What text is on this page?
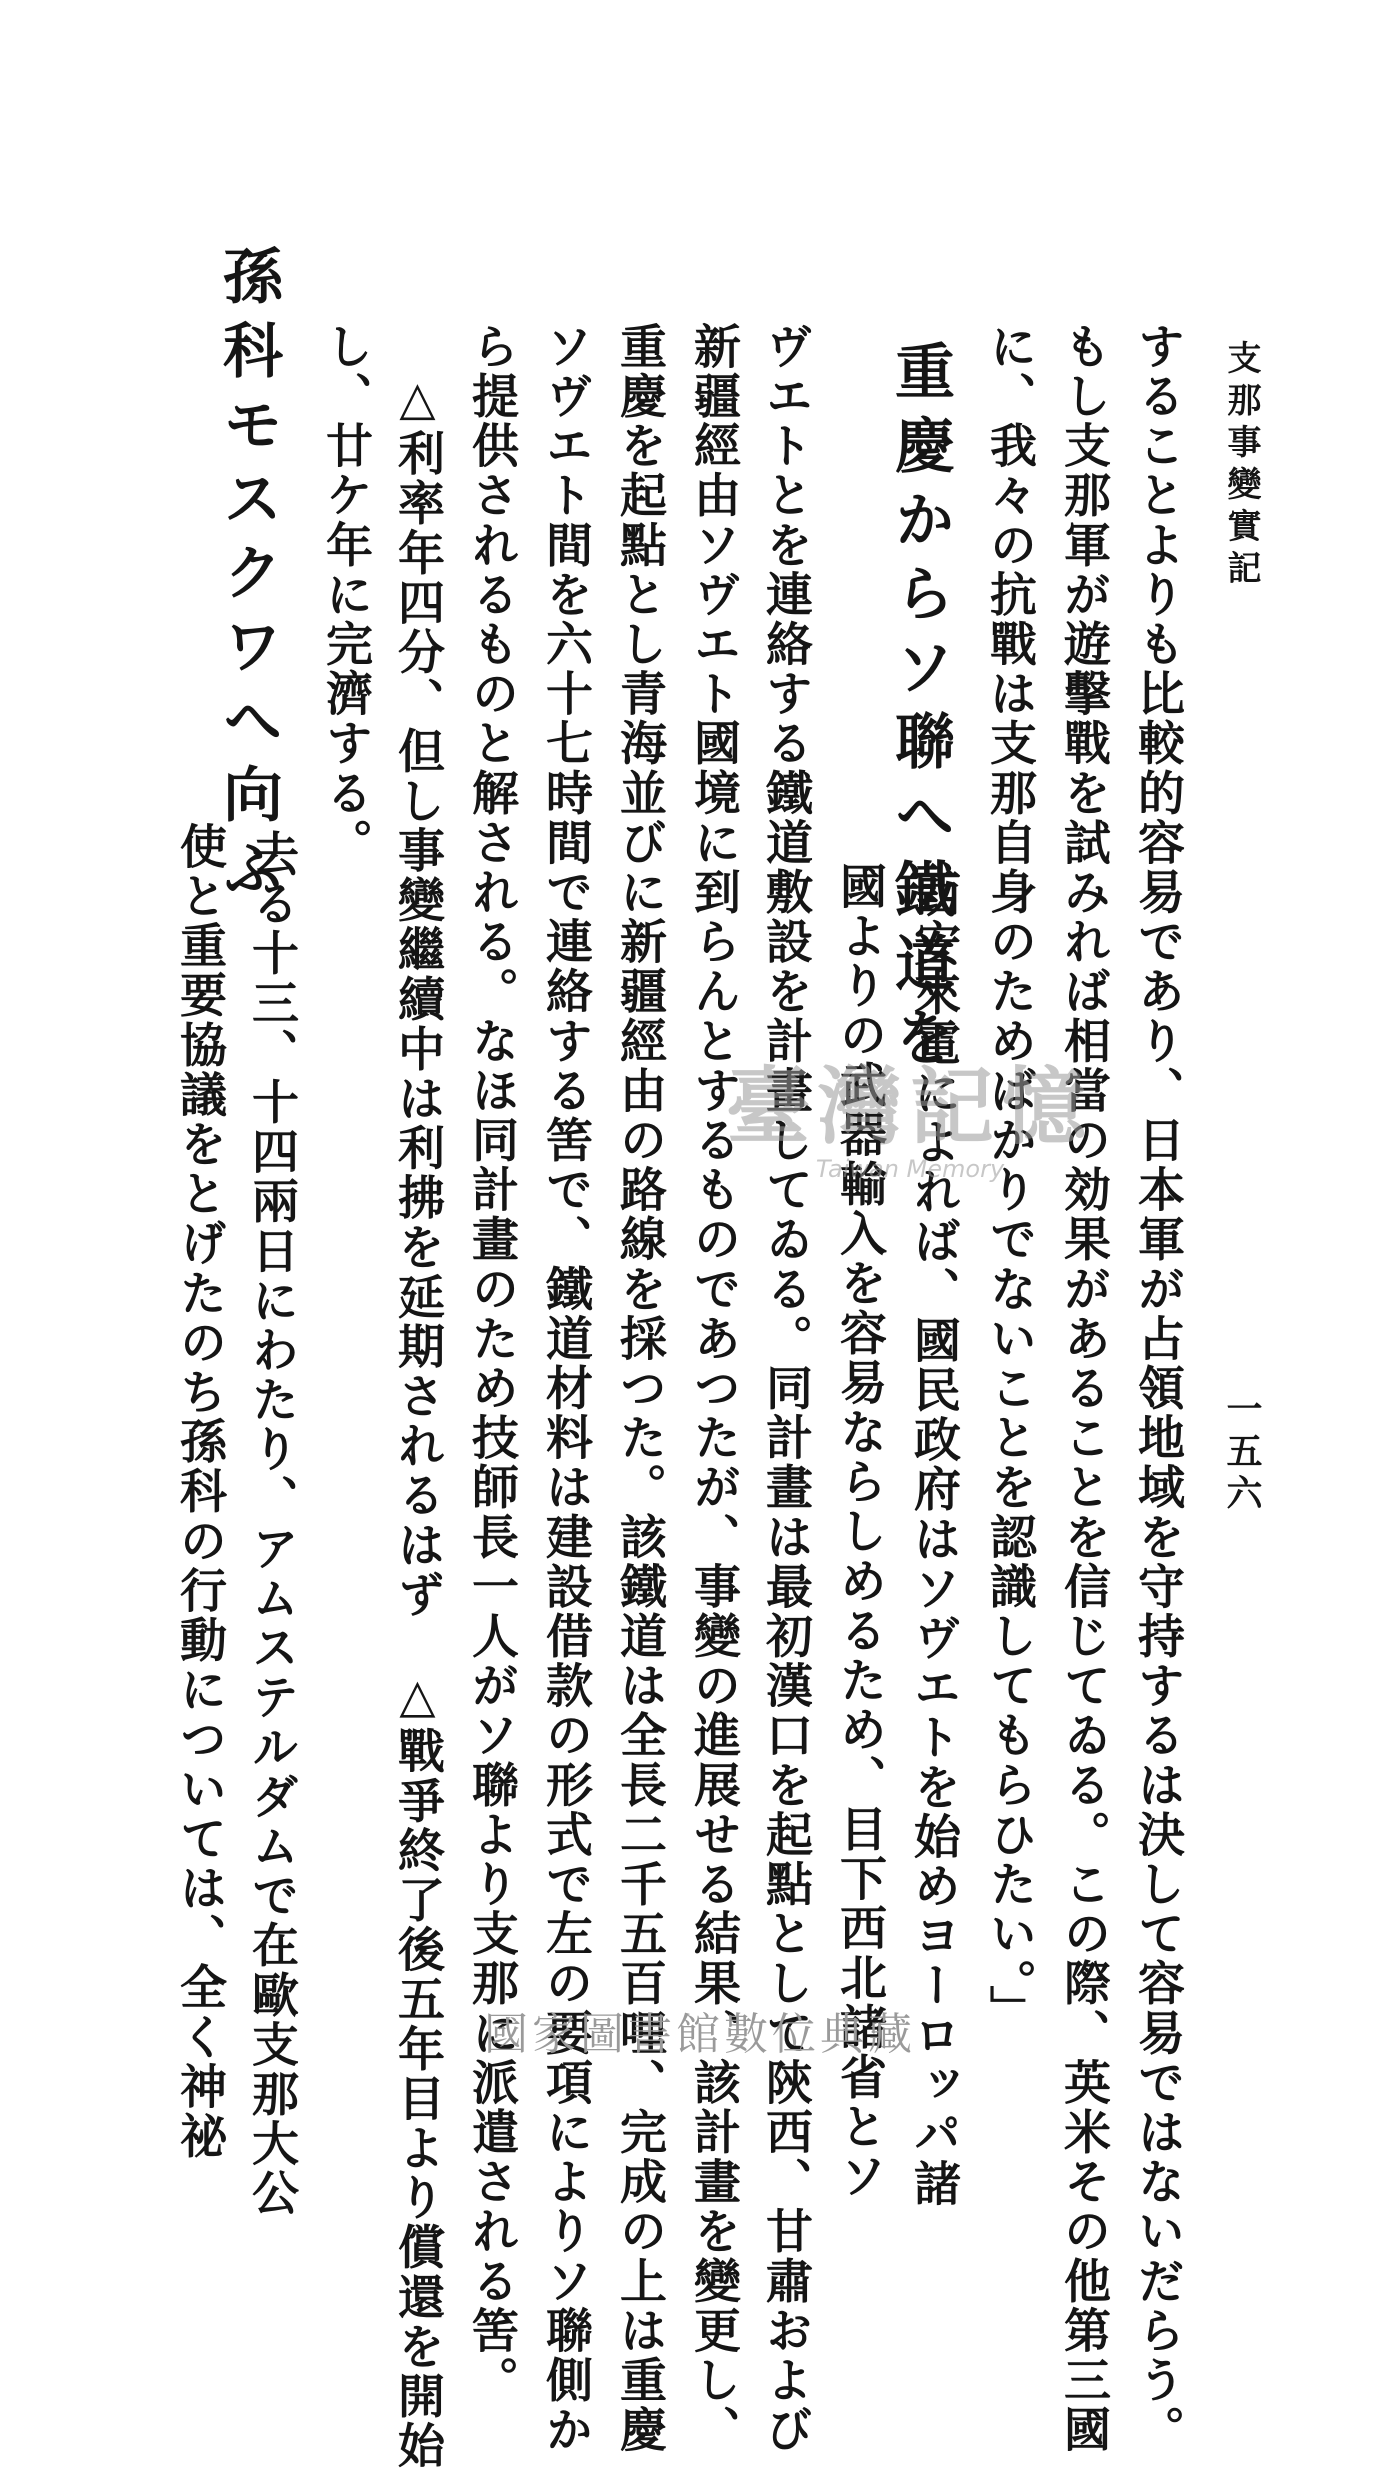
支那事變實記
一五六
することよりも比較的容易であり、日本軍が占領地域を守持するは決して容易ではないだらう。
もし支那軍が遊擊戰を試みれば相當の効果があることを信じてゐる。この際、英米その他第三國
に、我々の抗戰は支那自身のためばかりでないことを認識してもらひたい。」
重慶からソ聯へ鐵道を
　西安來電によれば、國民政府はソヴエトを始めヨーロッパ諸
國よりの武器輸入を容易ならしめるため、目下西北諸省とソ
ヴエトとを連絡する鐵道敷設を計畫してゐる。同計畫は最初漢口を起點として陝西、甘肅および
新疆經由ソヴエト國境に到らんとするものであつたが、事變の進展せる結果、該計畫を變更し、
重慶を起點とし青海並びに新疆經由の路線を採つた。該鐵道は全長二千五百哩、完成の上は重慶
ソヴエト間を六十七時間で連絡する筈で、鐵道材料は建設借款の形式で左の要項によりソ聯側か
ら提供されるものと解される。なほ同計畫のため技師長一人がソ聯より支那に派遣される筈。
　△利率年四分、但し事變繼續中は利拂を延期されるはず　△戰爭終了後五年目より償還を開始
し、廿ケ年に完濟する。
孫科モスクワへ向ふ
　去る十三、十四兩日にわたり、アムステルダムで在歐支那大公
使と重要協議をとげたのち孫科の行動については、全く神祕	臺灣記憶
Taiwan Memory
國家圖書館數位典藏
